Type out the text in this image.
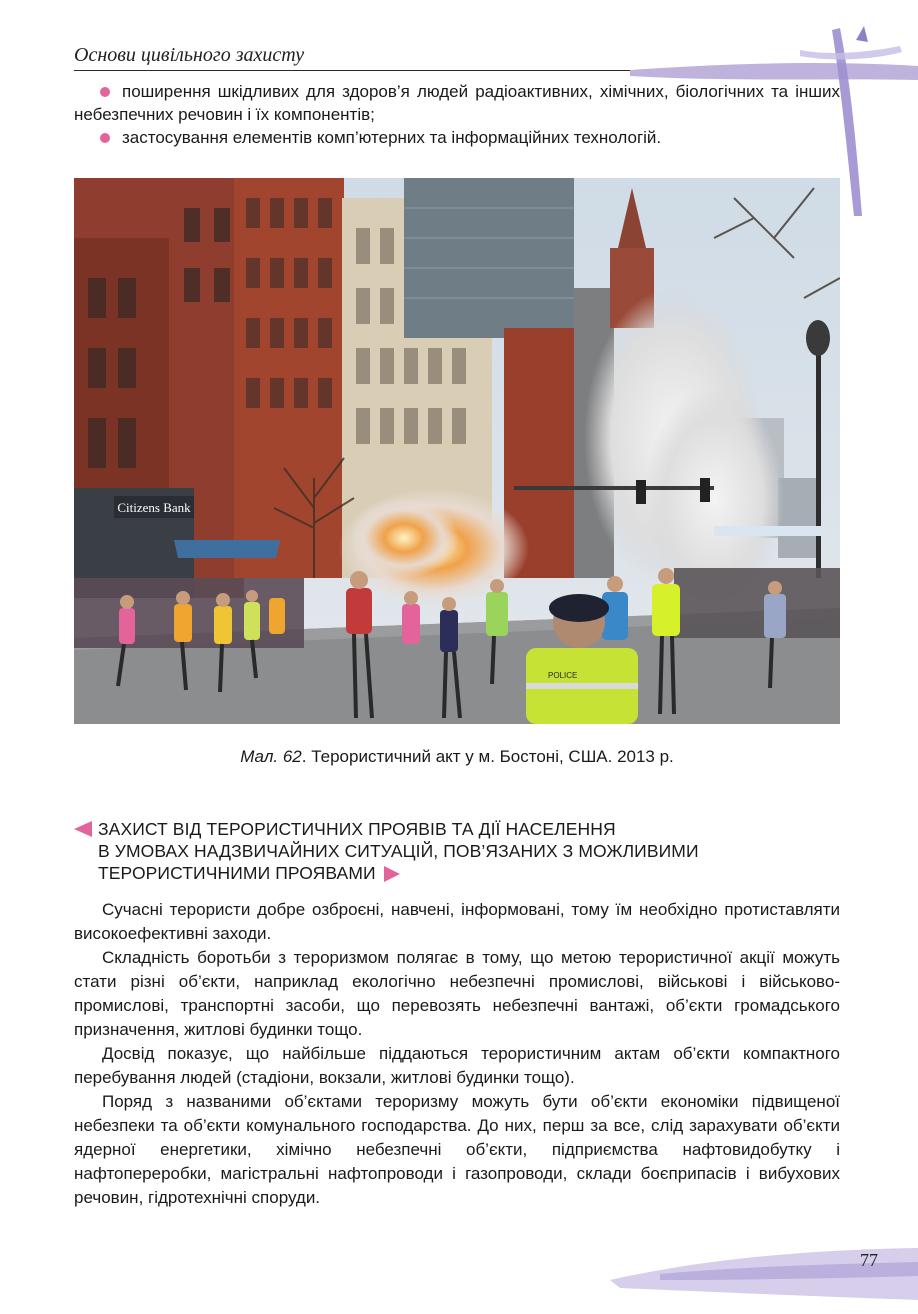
Основи цивільного захисту

поширення шкідливих для здоров’я людей радіоактивних, хімічних, біологічних та інших небезпечних речовин і їх компонентів;

застосування елементів комп’ютерних та інформаційних технологій.

Citizens Bank
POLICE
Мал. 62. Терористичний акт у м. Бостоні, США. 2013 р.
ЗАХИСТ ВІД ТЕРОРИСТИЧНИХ ПРОЯВІВ ТА ДІЇ НАСЕЛЕННЯ
В УМОВАХ НАДЗВИЧАЙНИХ СИТУАЦІЙ, ПОВ’ЯЗАНИХ З МОЖЛИВИМИ
ТЕРОРИСТИЧНИМИ ПРОЯВАМИ

Сучасні терористи добре озброєні, навчені, інформовані, тому їм необхідно протиставляти високоефективні заходи.

Складність боротьби з тероризмом полягає в тому, що метою терористичної акції можуть стати різні об’єкти, наприклад екологічно небезпечні промислові, військові і військово-промислові, транспортні засоби, що перевозять небезпечні вантажі, об’єкти громадського призначення, житлові будинки тощо.

Досвід показує, що найбільше піддаються терористичним актам об’єкти компактного перебування людей (стадіони, вокзали, житлові будинки тощо).

Поряд з названими об’єктами тероризму можуть бути об’єкти економіки підвищеної небезпеки та об’єкти комунального господарства. До них, перш за все, слід зарахувати об’єкти ядерної енергетики, хімічно небезпечні об’єкти, підприємства нафтовидобутку і нафтопереробки, магістральні нафтопроводи і газопроводи, склади боєприпасів і вибухових речовин, гідротехнічні споруди.

77
